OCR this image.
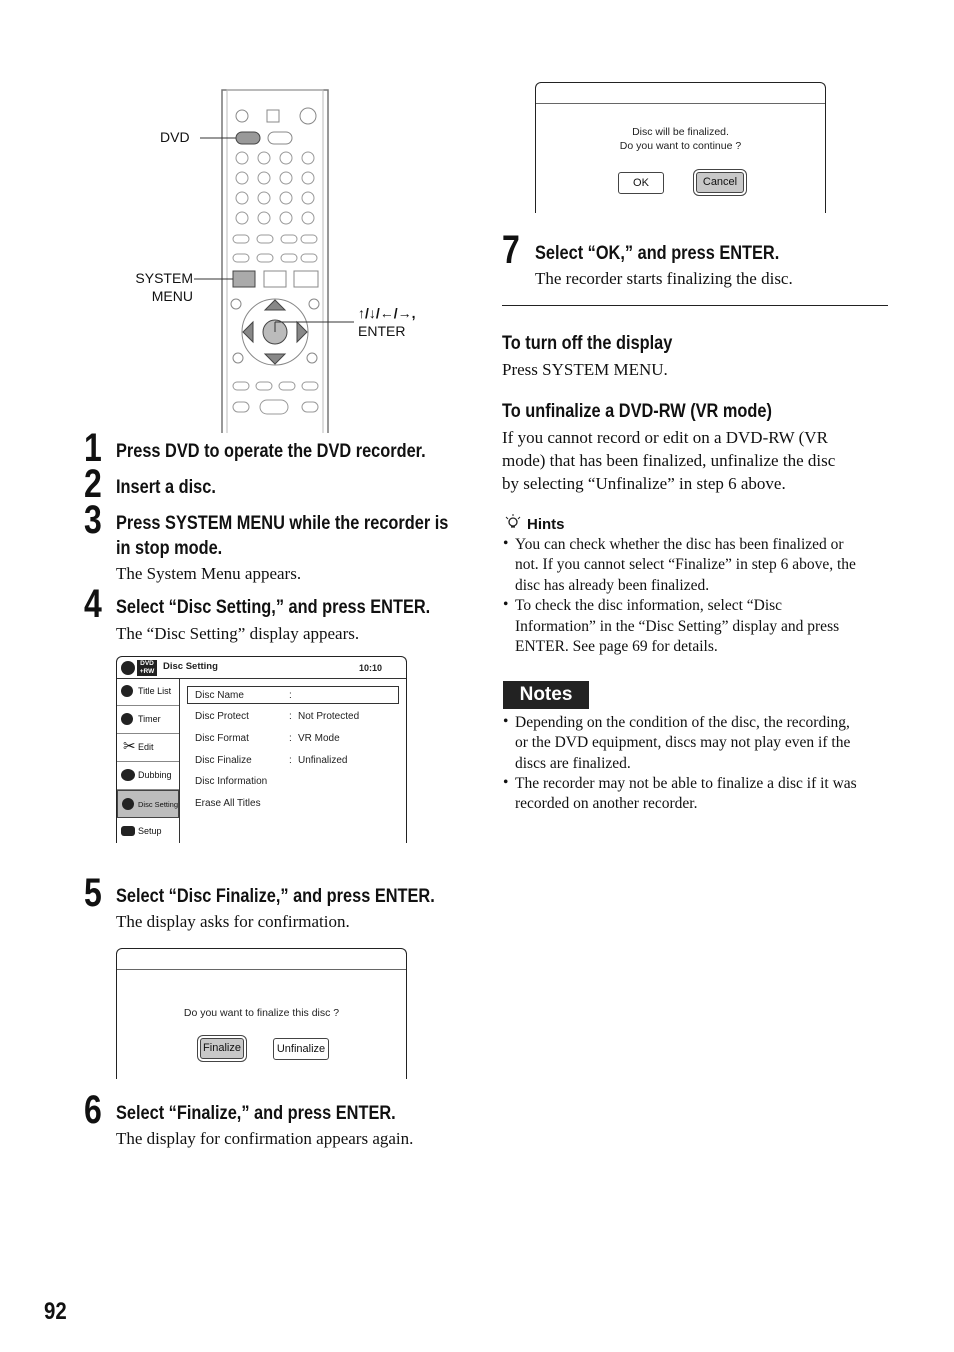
DVD
SYSTEM
MENU
↑/↓/←/→,
ENTER
1 Press DVD to operate the DVD recorder.
2 Insert a disc.
3 Press SYSTEM MENU while the recorder is
in stop mode.
The System Menu appears.
4 Select “Disc Setting,” and press ENTER.
The “Disc Setting” display appears.
DVD
+RW Disc Setting	10:10
Title List
Timer
✂ Edit
Dubbing
Disc Setting
Setup
Disc Name	:
Disc Protect	: Not Protected
Disc Format	: VR Mode
Disc Finalize	: Unfinalized
Disc Information
Erase All Titles
5 Select “Disc Finalize,” and press ENTER.
The display asks for confirmation.
Do you want to finalize this disc ?
Finalize	Unfinalize
6 Select “Finalize,” and press ENTER.
The display for confirmation appears again.
Disc will be finalized.
Do you want to continue ?
OK	Cancel
7 Select “OK,” and press ENTER.
The recorder starts finalizing the disc.
To turn off the display
Press SYSTEM MENU.
To unfinalize a DVD-RW (VR mode)
If you cannot record or edit on a DVD-RW (VR
mode) that has been finalized, unfinalize the disc
by selecting “Unfinalize” in step 6 above.
Hints
• You can check whether the disc has been finalized or
not. If you cannot select “Finalize” in step 6 above, the
disc has already been finalized.
• To check the disc information, select “Disc
Information” in the “Disc Setting” display and press
ENTER. See page 69 for details.
Notes
• Depending on the condition of the disc, the recording,
or the DVD equipment, discs may not play even if the
discs are finalized.
• The recorder may not be able to finalize a disc if it was
recorded on another recorder.
92
